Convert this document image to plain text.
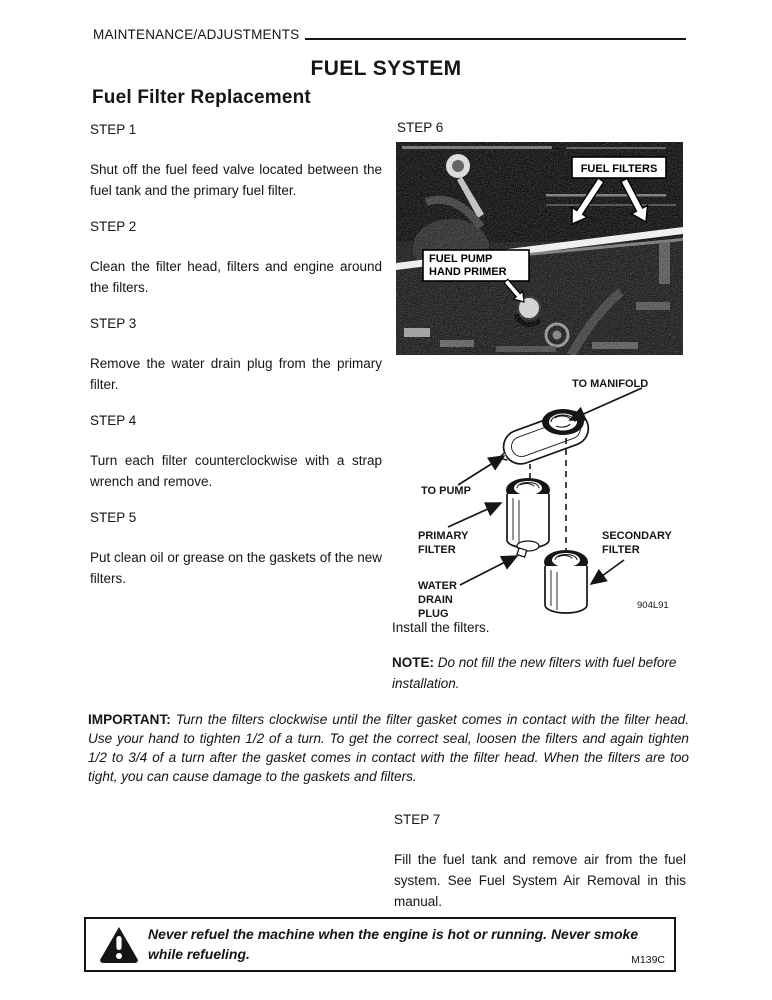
MAINTENANCE/ADJUSTMENTS
FUEL SYSTEM
Fuel Filter Replacement
STEP 1
Shut off the fuel feed valve located between the fuel tank and the primary fuel filter.
STEP 2
Clean the filter head, filters and engine around the filters.
STEP 3
Remove the water drain plug from the primary filter.
STEP 4
Turn each filter counterclockwise with a strap wrench and remove.
STEP 5
Put clean oil or grease on the gaskets of the new filters.
STEP 6
FUEL FILTERS
FUEL PUMP
HAND PRIMER
TO MANIFOLD
TO PUMP
PRIMARY
FILTER
SECONDARY
FILTER
WATER
DRAIN
PLUG
904L91
Install the filters.
NOTE: Do not fill the new filters with fuel before installation.
IMPORTANT: Turn the filters clockwise until the filter gasket comes in contact with the filter head. Use your hand to tighten 1/2 of a turn. To get the correct seal, loosen the filters and again tighten 1/2 to 3/4 of a turn after the gasket comes in contact with the filter head. When the filters are too tight, you can cause damage to the gaskets and filters.
STEP 7
Fill the fuel tank and remove air from the fuel system. See Fuel System Air Removal in this manual.
Never refuel the machine when the engine is hot or running. Never smoke while refueling.	M139C
